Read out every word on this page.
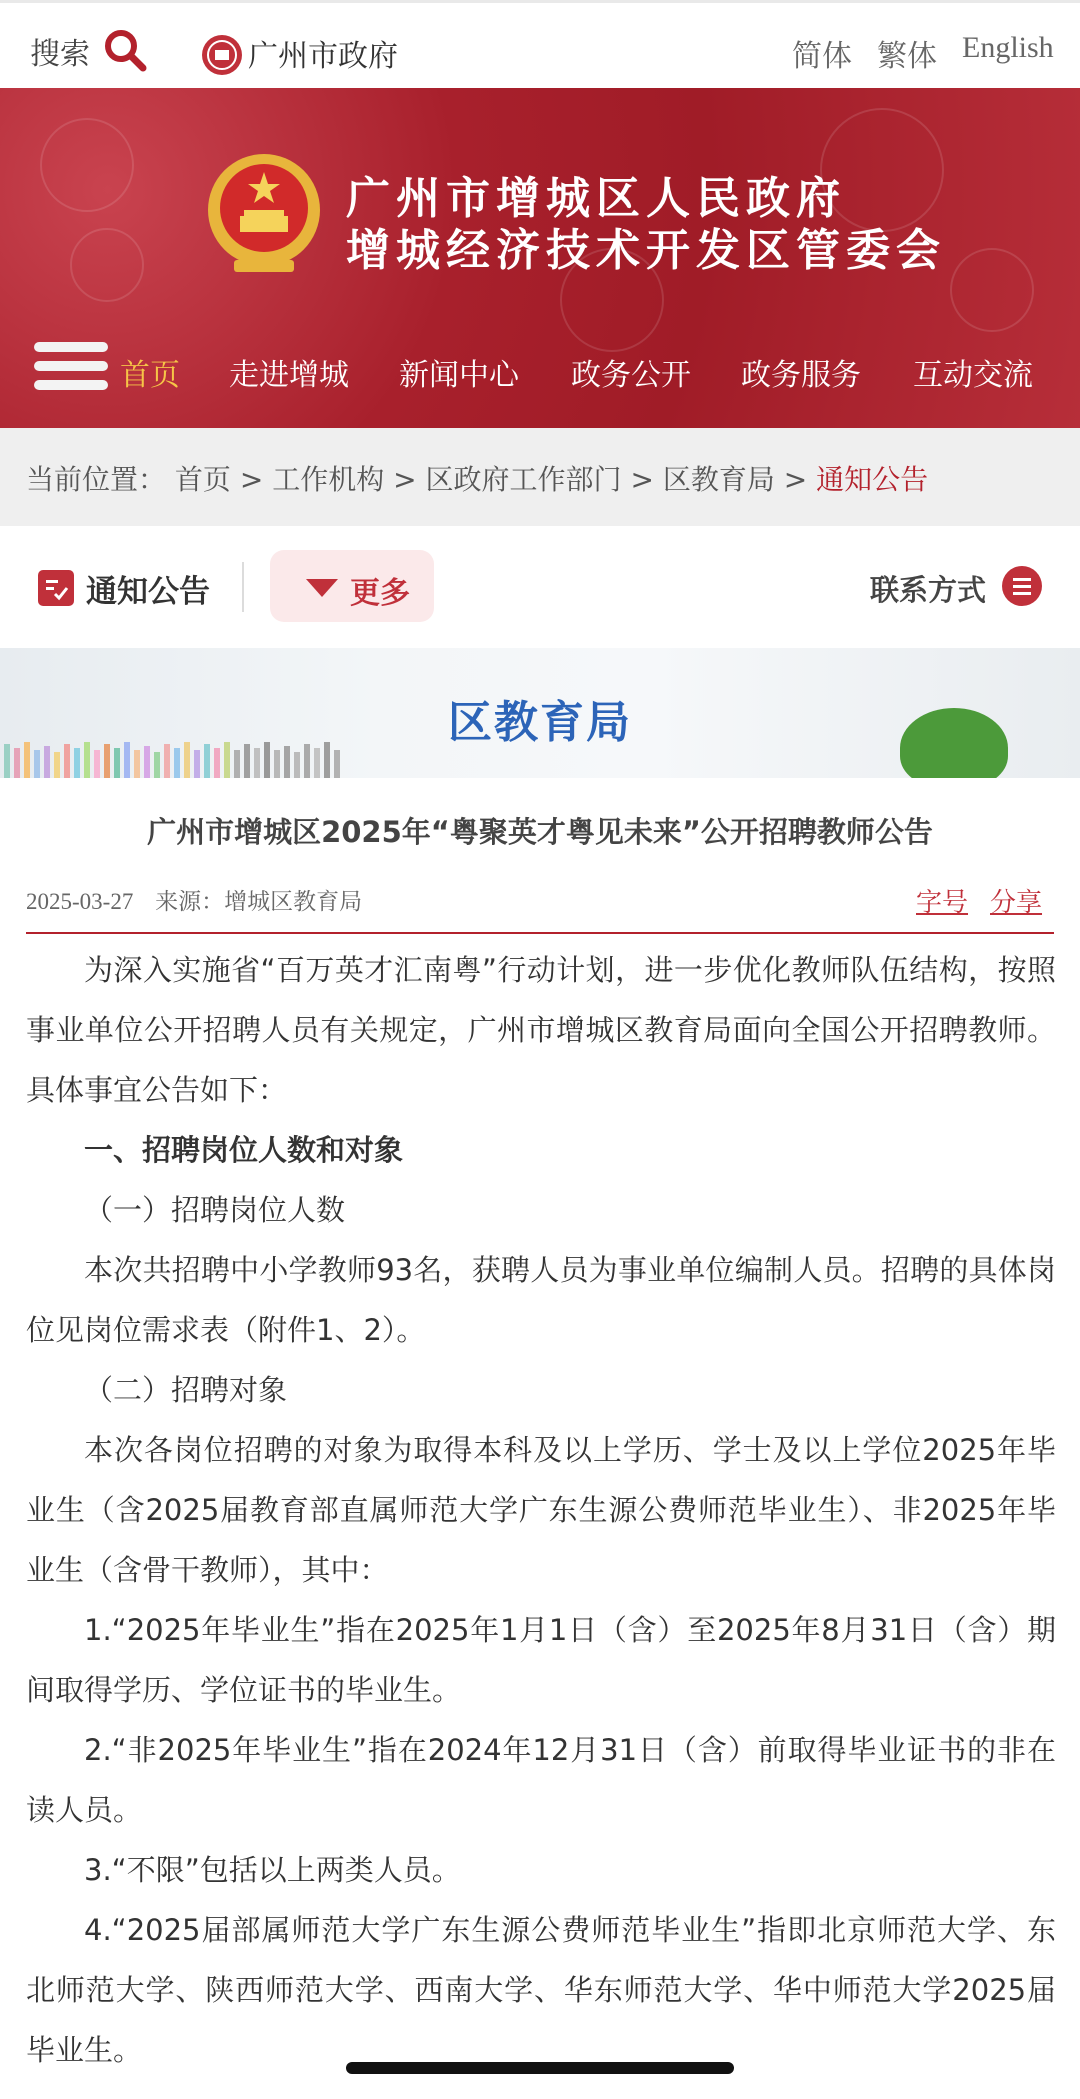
搜索	广州市政府	简体 繁体 English
广州市增城区人民政府
增城经济技术开发区管委会
首页 走进增城 新闻中心 政务公开 政务服务 互动交流
当前位置： 首页 > 工作机构 > 区政府工作部门 > 区教育局 > 通知公告
通知公告	更多	联系方式
区教育局
广州市增城区2025年“粤聚英才粤见未来”公开招聘教师公告
2025-03-27 来源：增城区教育局	字号 分享

为深入实施省“百万英才汇南粤”行动计划，进一步优化教师队伍结构，按照事业单位公开招聘人员有关规定，广州市增城区教育局面向全国公开招聘教师。具体事宜公告如下：

一、招聘岗位人数和对象

（一）招聘岗位人数

本次共招聘中小学教师93名，获聘人员为事业单位编制人员。招聘的具体岗位见岗位需求表（附件1、2）。

（二）招聘对象

本次各岗位招聘的对象为取得本科及以上学历、学士及以上学位2025年毕业生（含2025届教育部直属师范大学广东生源公费师范毕业生）、非2025年毕业生（含骨干教师），其中：

1.“2025年毕业生”指在2025年1月1日（含）至2025年8月31日（含）期间取得学历、学位证书的毕业生。

2.“非2025年毕业生”指在2024年12月31日（含）前取得毕业证书的非在读人员。

3.“不限”包括以上两类人员。

4.“2025届部属师范大学广东生源公费师范毕业生”指即北京师范大学、东北师范大学、陕西师范大学、西南大学、华东师范大学、华中师范大学2025届毕业生。
